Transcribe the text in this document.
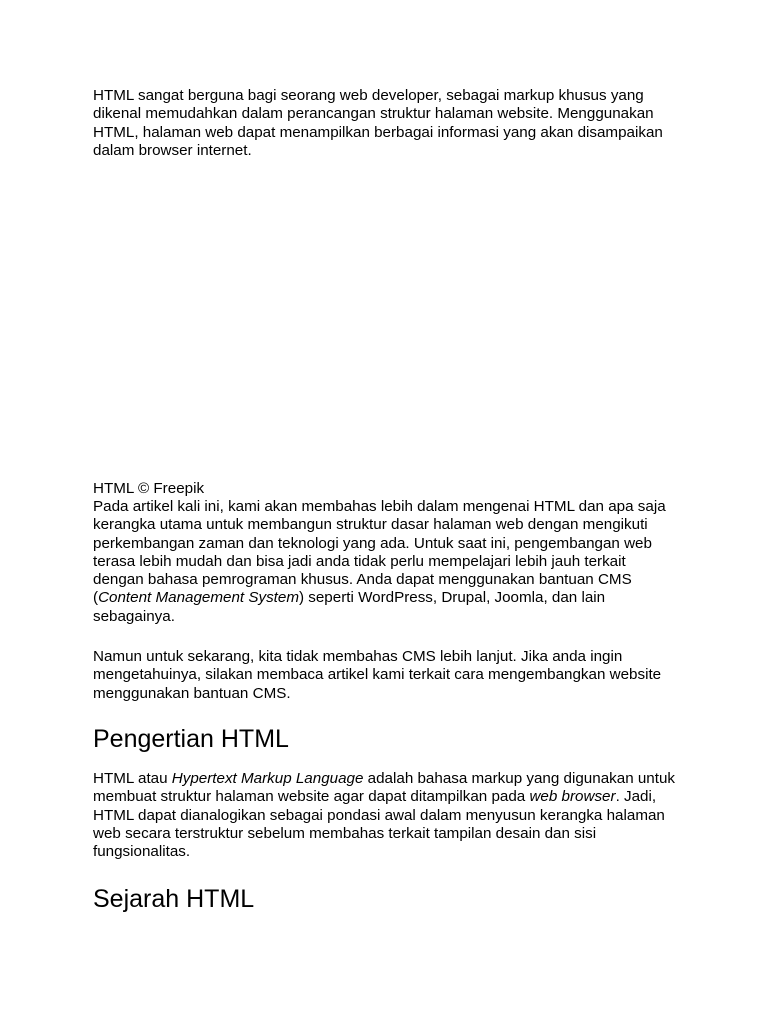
HTML sangat berguna bagi seorang web developer, sebagai markup khusus yang dikenal memudahkan dalam perancangan struktur halaman website. Menggunakan HTML, halaman web dapat menampilkan berbagai informasi yang akan disampaikan dalam browser internet.

HTML © Freepik

Pada artikel kali ini, kami akan membahas lebih dalam mengenai HTML dan apa saja kerangka utama untuk membangun struktur dasar halaman web dengan mengikuti perkembangan zaman dan teknologi yang ada. Untuk saat ini, pengembangan web terasa lebih mudah dan bisa jadi anda tidak perlu mempelajari lebih jauh terkait dengan bahasa pemrograman khusus. Anda dapat menggunakan bantuan CMS (Content Management System) seperti WordPress, Drupal, Joomla, dan lain sebagainya.

Namun untuk sekarang, kita tidak membahas CMS lebih lanjut. Jika anda ingin mengetahuinya, silakan membaca artikel kami terkait cara mengembangkan website menggunakan bantuan CMS.

Pengertian HTML

HTML atau Hypertext Markup Language adalah bahasa markup yang digunakan untuk membuat struktur halaman website agar dapat ditampilkan pada web browser. Jadi, HTML dapat dianalogikan sebagai pondasi awal dalam menyusun kerangka halaman web secara terstruktur sebelum membahas terkait tampilan desain dan sisi fungsionalitas.

Sejarah HTML
